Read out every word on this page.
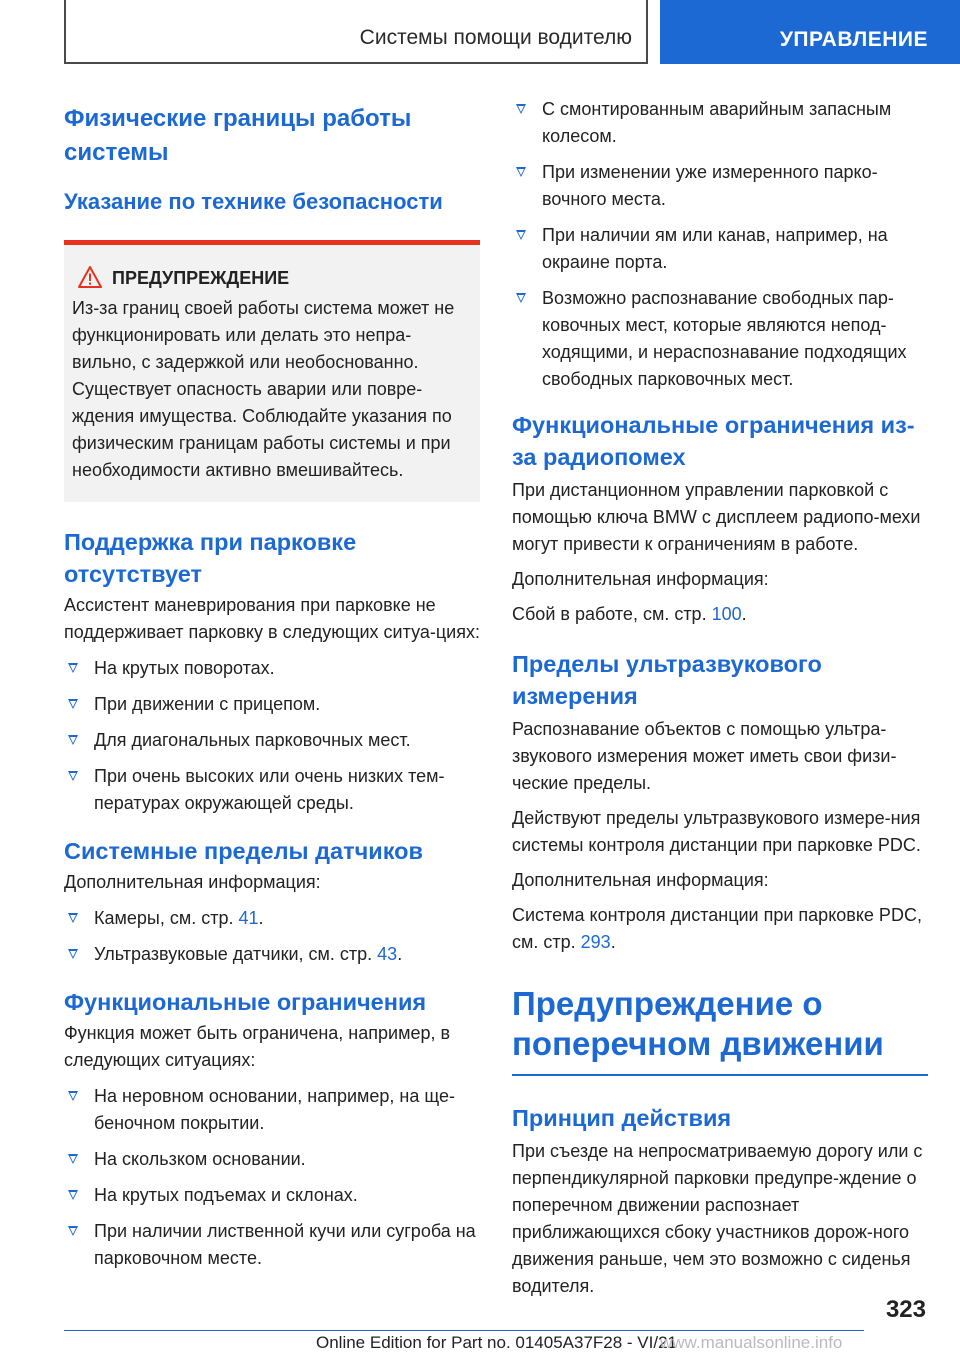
Системы помощи водителю	УПРАВЛЕНИЕ
Физические границы работы системы
Указание по технике безопасности
ПРЕДУПРЕЖДЕНИЕ

Из-за границ своей работы система может не функционировать или делать это непра-вильно, с задержкой или необоснованно. Существует опасность аварии или повре-ждения имущества. Соблюдайте указания по физическим границам работы системы и при необходимости активно вмешивайтесь.

Поддержка при парковке отсутствует

Ассистент маневрирования при парковке не поддерживает парковку в следующих ситуа-циях:

На крутых поворотах.
При движении с прицепом.
Для диагональных парковочных мест.
При очень высоких или очень низких тем-пературах окружающей среды.
Системные пределы датчиков

Дополнительная информация:

Камеры, см. стр. 41.
Ультразвуковые датчики, см. стр. 43.
Функциональные ограничения

Функция может быть ограничена, например, в следующих ситуациях:

На неровном основании, например, на ще-беночном покрытии.
На скользком основании.
На крутых подъемах и склонах.
При наличии лиственной кучи или сугроба на парковочном месте.
С смонтированным аварийным запасным колесом.
При изменении уже измеренного парко-вочного места.
При наличии ям или канав, например, на окраине порта.
Возможно распознавание свободных пар-ковочных мест, которые являются непод-ходящими, и нераспознавание подходящих свободных парковочных мест.
Функциональные ограничения из-за радиопомех

При дистанционном управлении парковкой с помощью ключа BMW с дисплеем радиопо-мехи могут привести к ограничениям в работе.

Дополнительная информация:

Сбой в работе, см. стр. 100.

Пределы ультразвукового измерения

Распознавание объектов с помощью ультра-звукового измерения может иметь свои физи-ческие пределы.

Действуют пределы ультразвукового измере-ния системы контроля дистанции при парковке PDC.

Дополнительная информация:

Система контроля дистанции при парковке PDC, см. стр. 293.

Предупреждение о поперечном движении
Принцип действия

При съезде на непросматриваемую дорогу или с перпендикулярной парковки предупре-ждение о поперечном движении распознает приближающихся сбоку участников дорож-ного движения раньше, чем это возможно с сиденья водителя.

323
Online Edition for Part no. 01405A37F28 - VI/21
www.manualsonline.info
